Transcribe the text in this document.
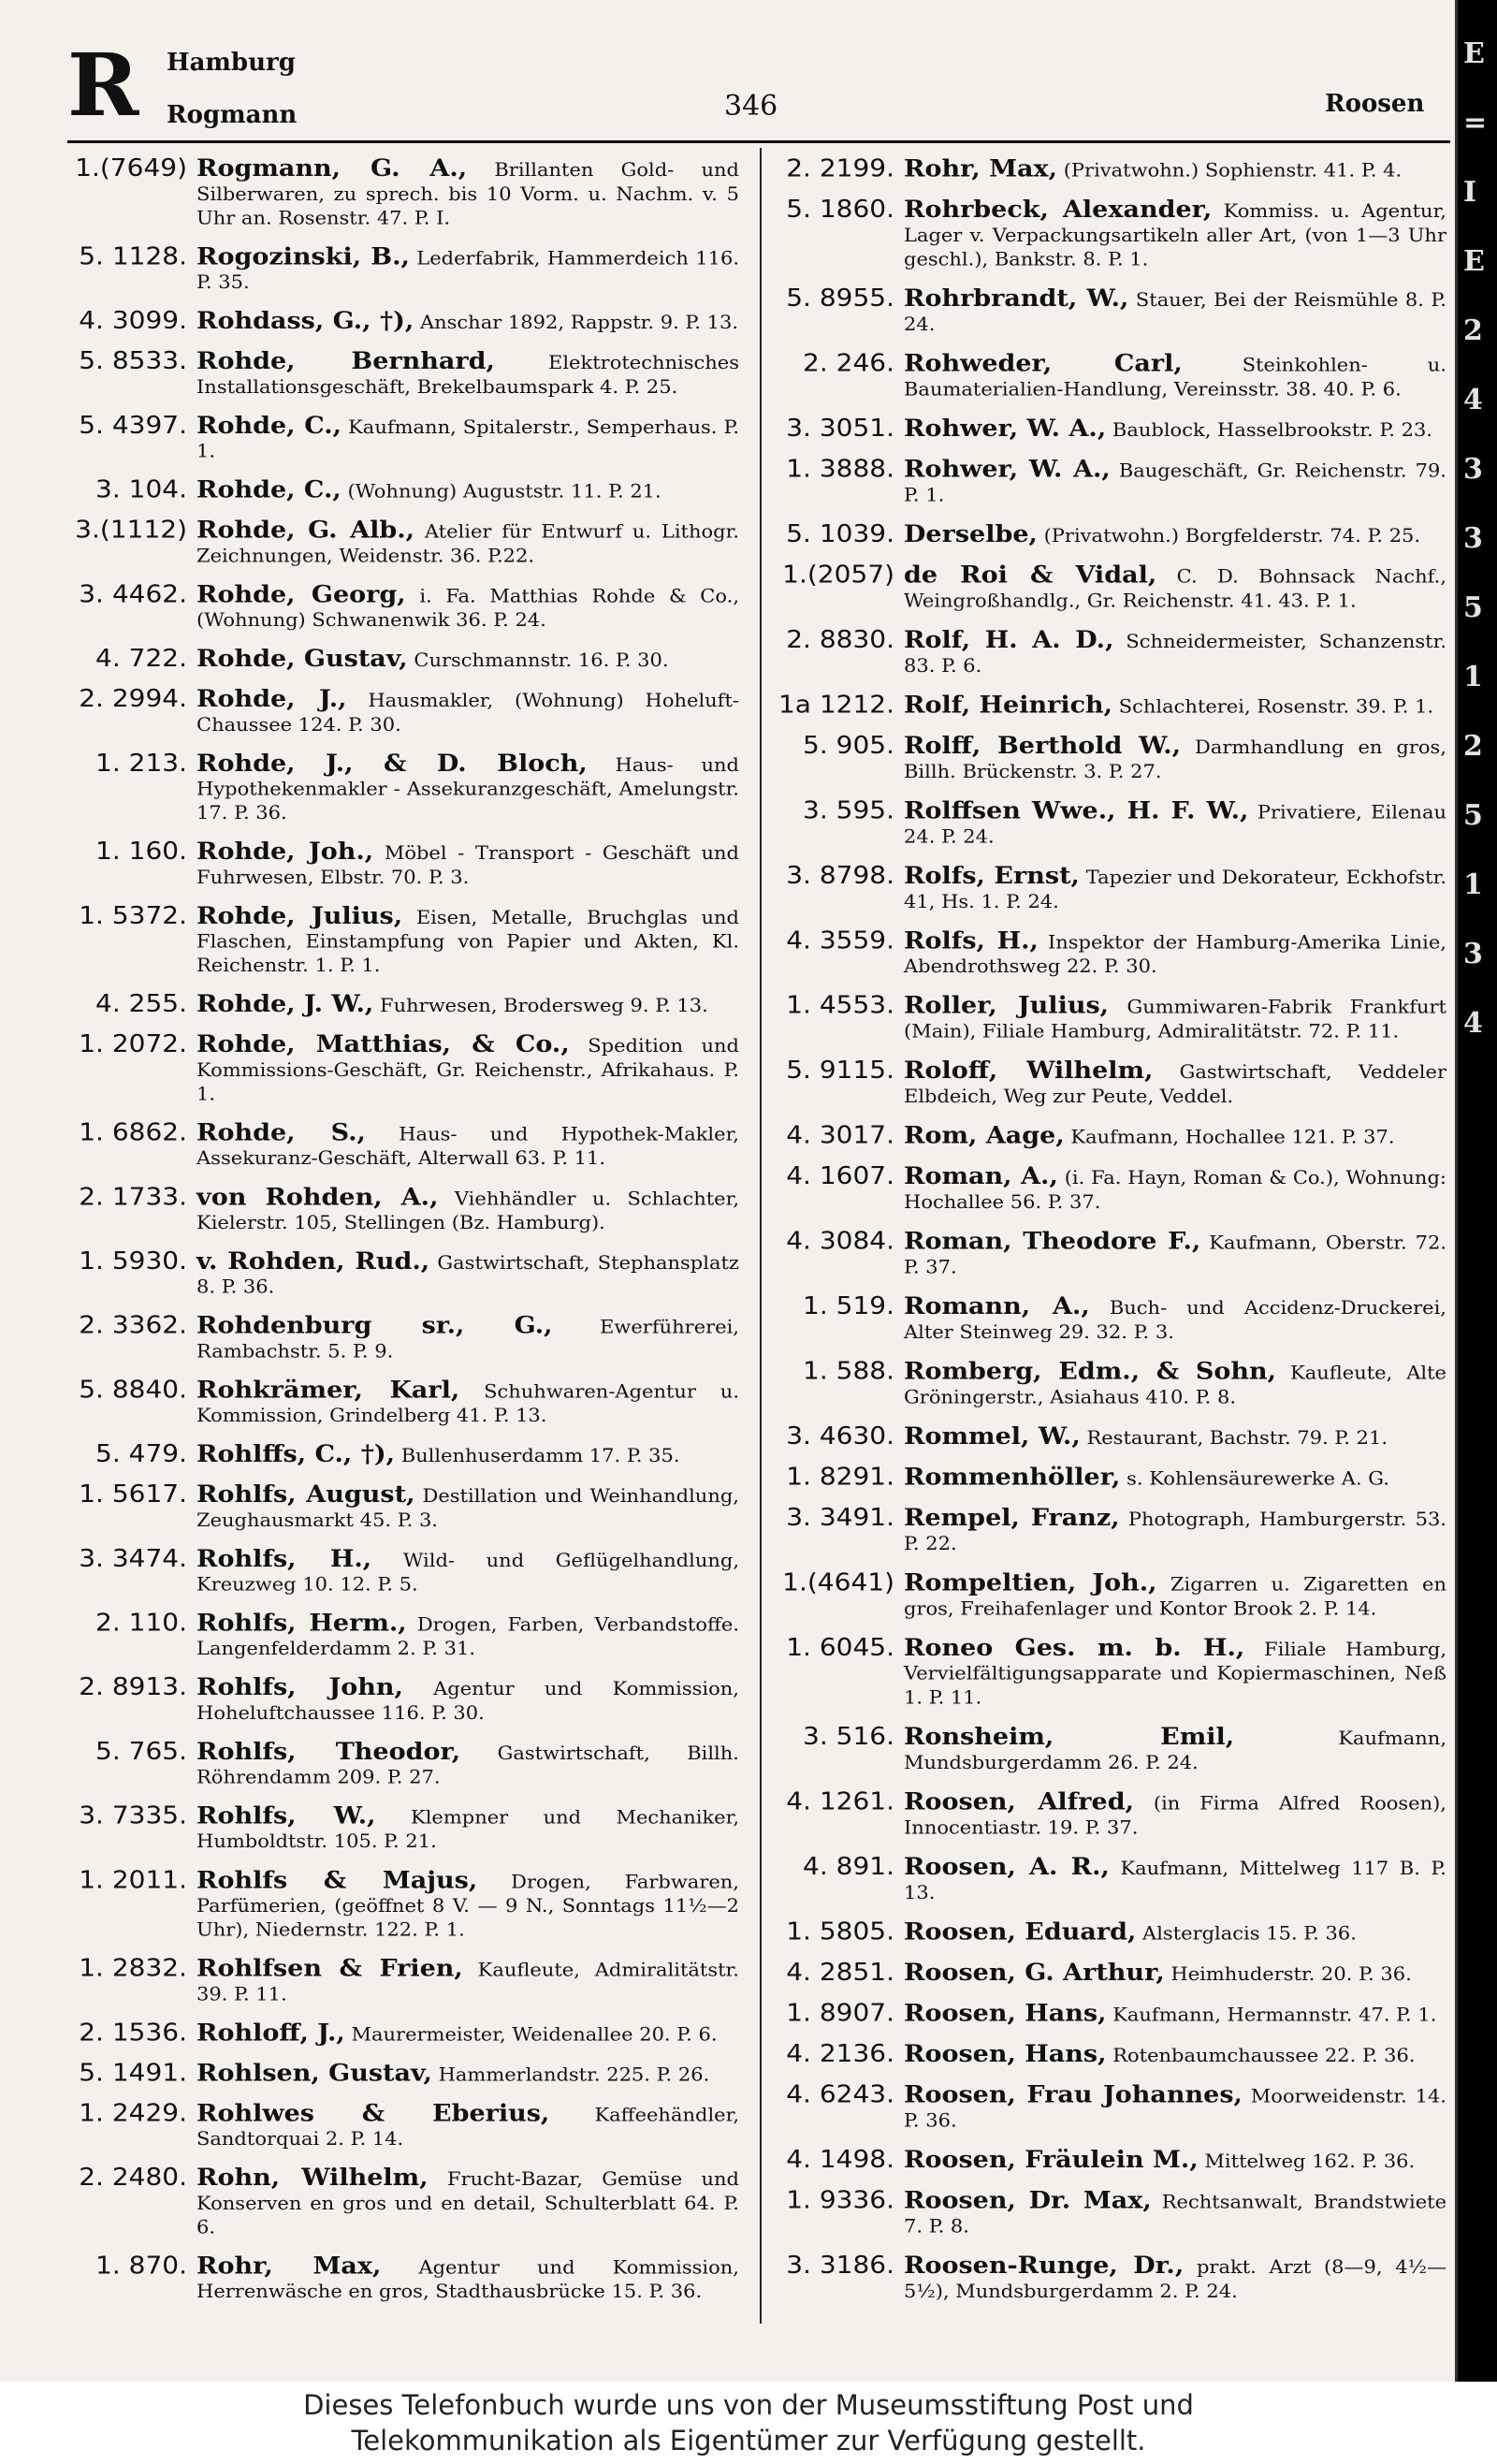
R Hamburg
Rogmann	346	Roosen
1.(7649) Rogmann, G. A., Brillanten Gold- und Silberwaren, zu sprech. bis 10 Vorm. u. Nachm. v. 5 Uhr an. Rosenstr. 47. P. I.
5. 1128. Rogozinski, B., Lederfabrik, Hammerdeich 116. P. 35.
4. 3099. Rohdass, G., †), Anschar 1892, Rappstr. 9. P. 13.
5. 8533. Rohde, Bernhard,	Elektrotechnisches Installationsgeschäft, Brekelbaumspark 4. P. 25.
5. 4397. Rohde, C., Kaufmann, Spitalerstr., Semperhaus. P. 1.
3. 104. Rohde, C., (Wohnung) Auguststr. 11. P. 21.
3.(1112) Rohde, G. Alb., Atelier für Entwurf u. Lithogr. Zeichnungen, Weidenstr. 36. P.22.
3. 4462. Rohde, Georg, i. Fa. Matthias Rohde & Co., (Wohnung) Schwanenwik 36. P. 24.
4. 722. Rohde, Gustav, Curschmannstr. 16. P. 30.
2. 2994. Rohde, J., Hausmakler, (Wohnung) Hoheluft-Chaussee 124. P. 30.
1. 213. Rohde, J., & D. Bloch, Haus- und Hypothekenmakler - Assekuranzgeschäft, Amelungstr. 17. P. 36.
1. 160. Rohde, Joh., Möbel - Transport - Geschäft und Fuhrwesen, Elbstr. 70. P. 3.
1. 5372. Rohde, Julius, Eisen, Metalle, Bruchglas und Flaschen, Einstampfung von Papier und Akten, Kl. Reichenstr. 1. P. 1.
4. 255. Rohde, J. W., Fuhrwesen, Brodersweg 9. P. 13.
1. 2072. Rohde, Matthias, & Co., Spedition und Kommissions-Geschäft, Gr. Reichenstr., Afrikahaus. P. 1.
1. 6862. Rohde, S., Haus- und Hypothek-Makler, Assekuranz-Geschäft, Alterwall 63. P. 11.
2. 1733. von Rohden, A., Viehhändler u. Schlachter, Kielerstr. 105, Stellingen (Bz. Hamburg).
1. 5930. v. Rohden, Rud., Gastwirtschaft, Stephansplatz 8. P. 36.
2. 3362. Rohdenburg sr., G., Ewerführerei, Rambachstr. 5. P. 9.
5. 8840. Rohkrämer, Karl, Schuhwaren-Agentur u. Kommission, Grindelberg 41. P. 13.
5. 479. Rohlffs, C., †), Bullenhuserdamm 17. P. 35.
1. 5617. Rohlfs, August, Destillation und Weinhandlung, Zeughausmarkt 45. P. 3.
3. 3474. Rohlfs, H., Wild- und Geflügelhandlung, Kreuzweg 10. 12. P. 5.
2. 110. Rohlfs, Herm., Drogen, Farben, Verbandstoffe. Langenfelderdamm 2. P. 31.
2. 8913. Rohlfs, John, Agentur und Kommission, Hoheluftchaussee 116. P. 30.
5. 765. Rohlfs, Theodor, Gastwirtschaft, Billh. Röhrendamm 209. P. 27.
3. 7335. Rohlfs, W., Klempner und Mechaniker, Humboldtstr. 105. P. 21.
1. 2011. Rohlfs & Majus, Drogen, Farbwaren, Parfümerien, (geöffnet 8 V. — 9 N., Sonntags 11½—2 Uhr), Niedernstr. 122. P. 1.
1. 2832. Rohlfsen & Frien, Kaufleute, Admiralitätstr. 39. P. 11.
2. 1536. Rohloff, J., Maurermeister, Weidenallee 20. P. 6.
5. 1491. Rohlsen, Gustav, Hammerlandstr. 225. P. 26.
1. 2429. Rohlwes & Eberius, Kaffeehändler, Sandtorquai 2. P. 14.
2. 2480. Rohn, Wilhelm, Frucht-Bazar, Gemüse und Konserven en gros und en detail, Schulterblatt 64. P. 6.
1. 870. Rohr, Max, Agentur und Kommission, Herrenwäsche en gros, Stadthausbrücke 15. P. 36.
2. 2199. Rohr, Max, (Privatwohn.) Sophienstr. 41. P. 4.
5. 1860. Rohrbeck, Alexander, Kommiss. u. Agentur, Lager v. Verpackungsartikeln aller Art, (von 1—3 Uhr geschl.), Bankstr. 8. P. 1.
5. 8955. Rohrbrandt, W., Stauer, Bei der Reismühle 8. P. 24.
2. 246. Rohweder, Carl,	Steinkohlen- u. Baumaterialien-Handlung, Vereinsstr. 38. 40. P. 6.
3. 3051. Rohwer, W. A., Baublock, Hasselbrookstr. P. 23.
1. 3888. Rohwer, W. A., Baugeschäft, Gr. Reichenstr. 79. P. 1.
5. 1039. Derselbe, (Privatwohn.) Borgfelderstr. 74. P. 25.
1.(2057) de Roi & Vidal, C. D. Bohnsack Nachf., Weingroßhandlg., Gr. Reichenstr. 41. 43. P. 1.
2. 8830. Rolf, H. A. D., Schneidermeister, Schanzenstr. 83. P. 6.
1a 1212. Rolf, Heinrich, Schlachterei, Rosenstr. 39. P. 1.
5. 905. Rolff, Berthold W., Darmhandlung en gros, Billh. Brückenstr. 3. P. 27.
3. 595. Rolffsen Wwe., H. F. W., Privatiere, Eilenau 24. P. 24.
3. 8798. Rolfs, Ernst, Tapezier und Dekorateur, Eckhofstr. 41, Hs. 1. P. 24.
4. 3559. Rolfs, H., Inspektor der Hamburg-Amerika Linie, Abendrothsweg 22. P. 30.
1. 4553. Roller, Julius, Gummiwaren-Fabrik Frankfurt (Main), Filiale Hamburg, Admiralitätstr. 72. P. 11.
5. 9115. Roloff, Wilhelm, Gastwirtschaft, Veddeler Elbdeich, Weg zur Peute, Veddel.
4. 3017. Rom, Aage, Kaufmann, Hochallee 121. P. 37.
4. 1607. Roman, A., (i. Fa. Hayn, Roman & Co.), Wohnung: Hochallee 56. P. 37.
4. 3084. Roman, Theodore F., Kaufmann, Oberstr. 72. P. 37.
1. 519. Romann, A., Buch- und Accidenz-Druckerei, Alter Steinweg 29. 32. P. 3.
1. 588. Romberg, Edm., & Sohn, Kaufleute, Alte Gröningerstr., Asiahaus 410. P. 8.
3. 4630. Rommel, W., Restaurant, Bachstr. 79. P. 21.
1. 8291. Rommenhöller, s. Kohlensäurewerke A. G.
3. 3491. Rempel, Franz, Photograph, Hamburgerstr. 53. P. 22.
1.(4641) Rompeltien, Joh., Zigarren u. Zigaretten en gros, Freihafenlager und Kontor Brook 2. P. 14.
1. 6045. Roneo Ges. m. b. H., Filiale Hamburg, Vervielfältigungsapparate und Kopiermaschinen, Neß 1. P. 11.
3. 516. Ronsheim, Emil,	Kaufmann, Mundsburgerdamm 26. P. 24.
4. 1261. Roosen, Alfred, (in Firma Alfred Roosen), Innocentiastr. 19. P. 37.
4. 891. Roosen, A. R., Kaufmann, Mittelweg 117 B. P. 13.
1. 5805. Roosen, Eduard, Alsterglacis 15. P. 36.
4. 2851. Roosen, G. Arthur, Heimhuderstr. 20. P. 36.
1. 8907. Roosen, Hans, Kaufmann, Hermannstr. 47. P. 1.
4. 2136. Roosen, Hans, Rotenbaumchaussee 22. P. 36.
4. 6243. Roosen, Frau Johannes, Moorweidenstr. 14. P. 36.
4. 1498. Roosen, Fräulein M., Mittelweg 162. P. 36.
1. 9336. Roosen, Dr. Max, Rechtsanwalt, Brandstwiete 7. P. 8.
3. 3186. Roosen-Runge, Dr., prakt. Arzt (8—9, 4½—5½), Mundsburgerdamm 2. P. 24.
E
=
I
E
2
4
3
3
5
1
2
5
1
3
4
Dieses Telefonbuch wurde uns von der Museumsstiftung Post und
Telekommunikation als Eigentümer zur Verfügung gestellt.
